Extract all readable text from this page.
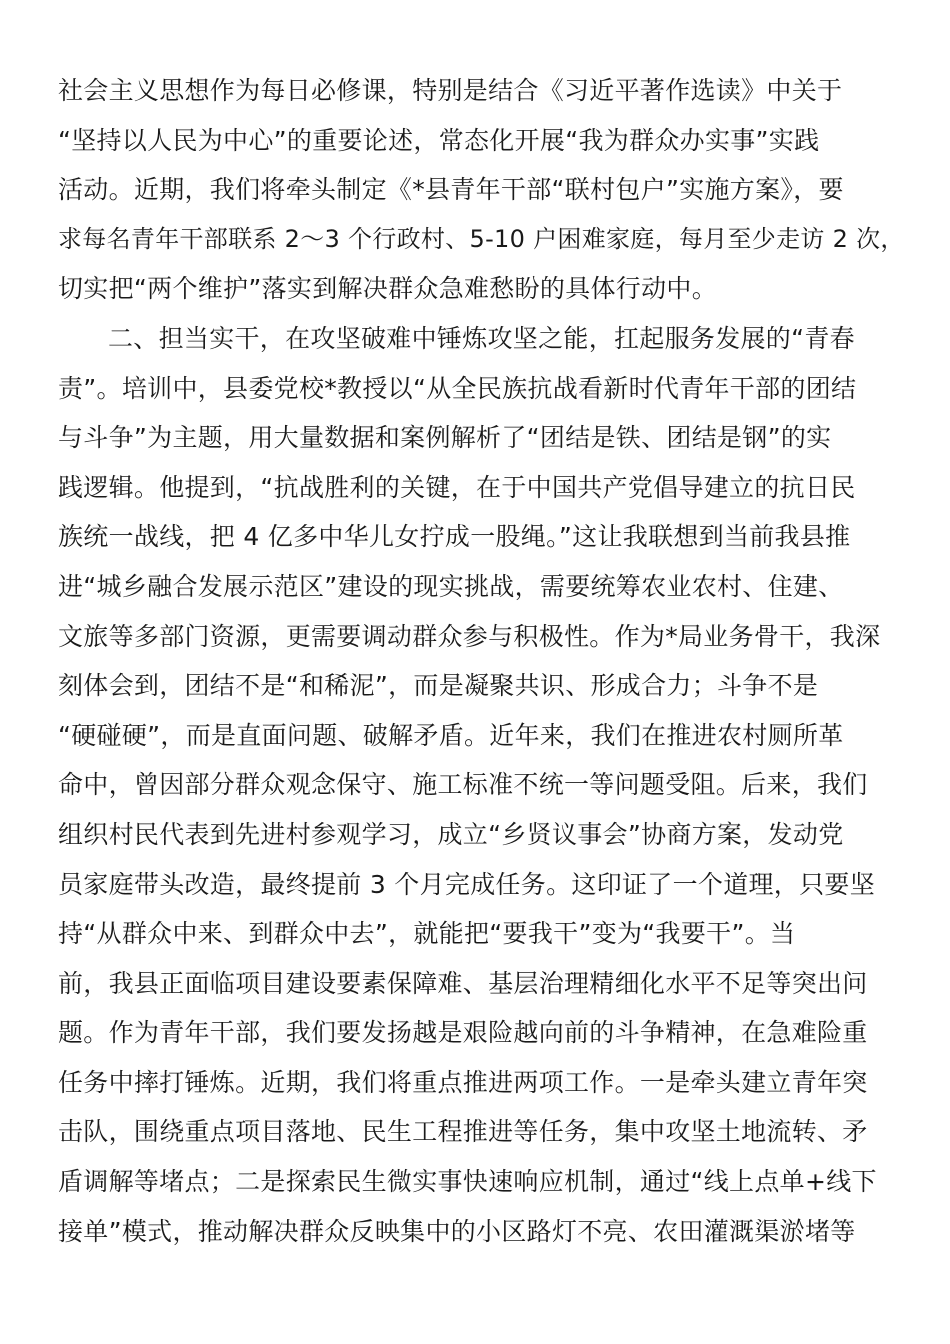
社会主义思想作为每日必修课，特别是结合《习近平著作选读》中关于
“坚持以人民为中心”的重要论述，常态化开展“我为群众办实事”实践
活动。近期，我们将牵头制定《*县青年干部“联村包户”实施方案》，要
求每名青年干部联系 2～3 个行政村、5-10 户困难家庭，每月至少走访 2 次，
切实把“两个维护”落实到解决群众急难愁盼的具体行动中。
二、担当实干，在攻坚破难中锤炼攻坚之能，扛起服务发展的“青春
责”。培训中，县委党校*教授以“从全民族抗战看新时代青年干部的团结
与斗争”为主题，用大量数据和案例解析了“团结是铁、团结是钢”的实
践逻辑。他提到，“抗战胜利的关键，在于中国共产党倡导建立的抗日民
族统一战线，把 4 亿多中华儿女拧成一股绳。”这让我联想到当前我县推
进“城乡融合发展示范区”建设的现实挑战，需要统筹农业农村、住建、
文旅等多部门资源，更需要调动群众参与积极性。作为*局业务骨干，我深
刻体会到，团结不是“和稀泥”，而是凝聚共识、形成合力；斗争不是
“硬碰硬”，而是直面问题、破解矛盾。近年来，我们在推进农村厕所革
命中，曾因部分群众观念保守、施工标准不统一等问题受阻。后来，我们
组织村民代表到先进村参观学习，成立“乡贤议事会”协商方案，发动党
员家庭带头改造，最终提前 3 个月完成任务。这印证了一个道理，只要坚
持“从群众中来、到群众中去”，就能把“要我干”变为“我要干”。当
前，我县正面临项目建设要素保障难、基层治理精细化水平不足等突出问
题。作为青年干部，我们要发扬越是艰险越向前的斗争精神，在急难险重
任务中摔打锤炼。近期，我们将重点推进两项工作。一是牵头建立青年突
击队，围绕重点项目落地、民生工程推进等任务，集中攻坚土地流转、矛
盾调解等堵点；二是探索民生微实事快速响应机制，通过“线上点单+线下
接单”模式，推动解决群众反映集中的小区路灯不亮、农田灌溉渠淤堵等
